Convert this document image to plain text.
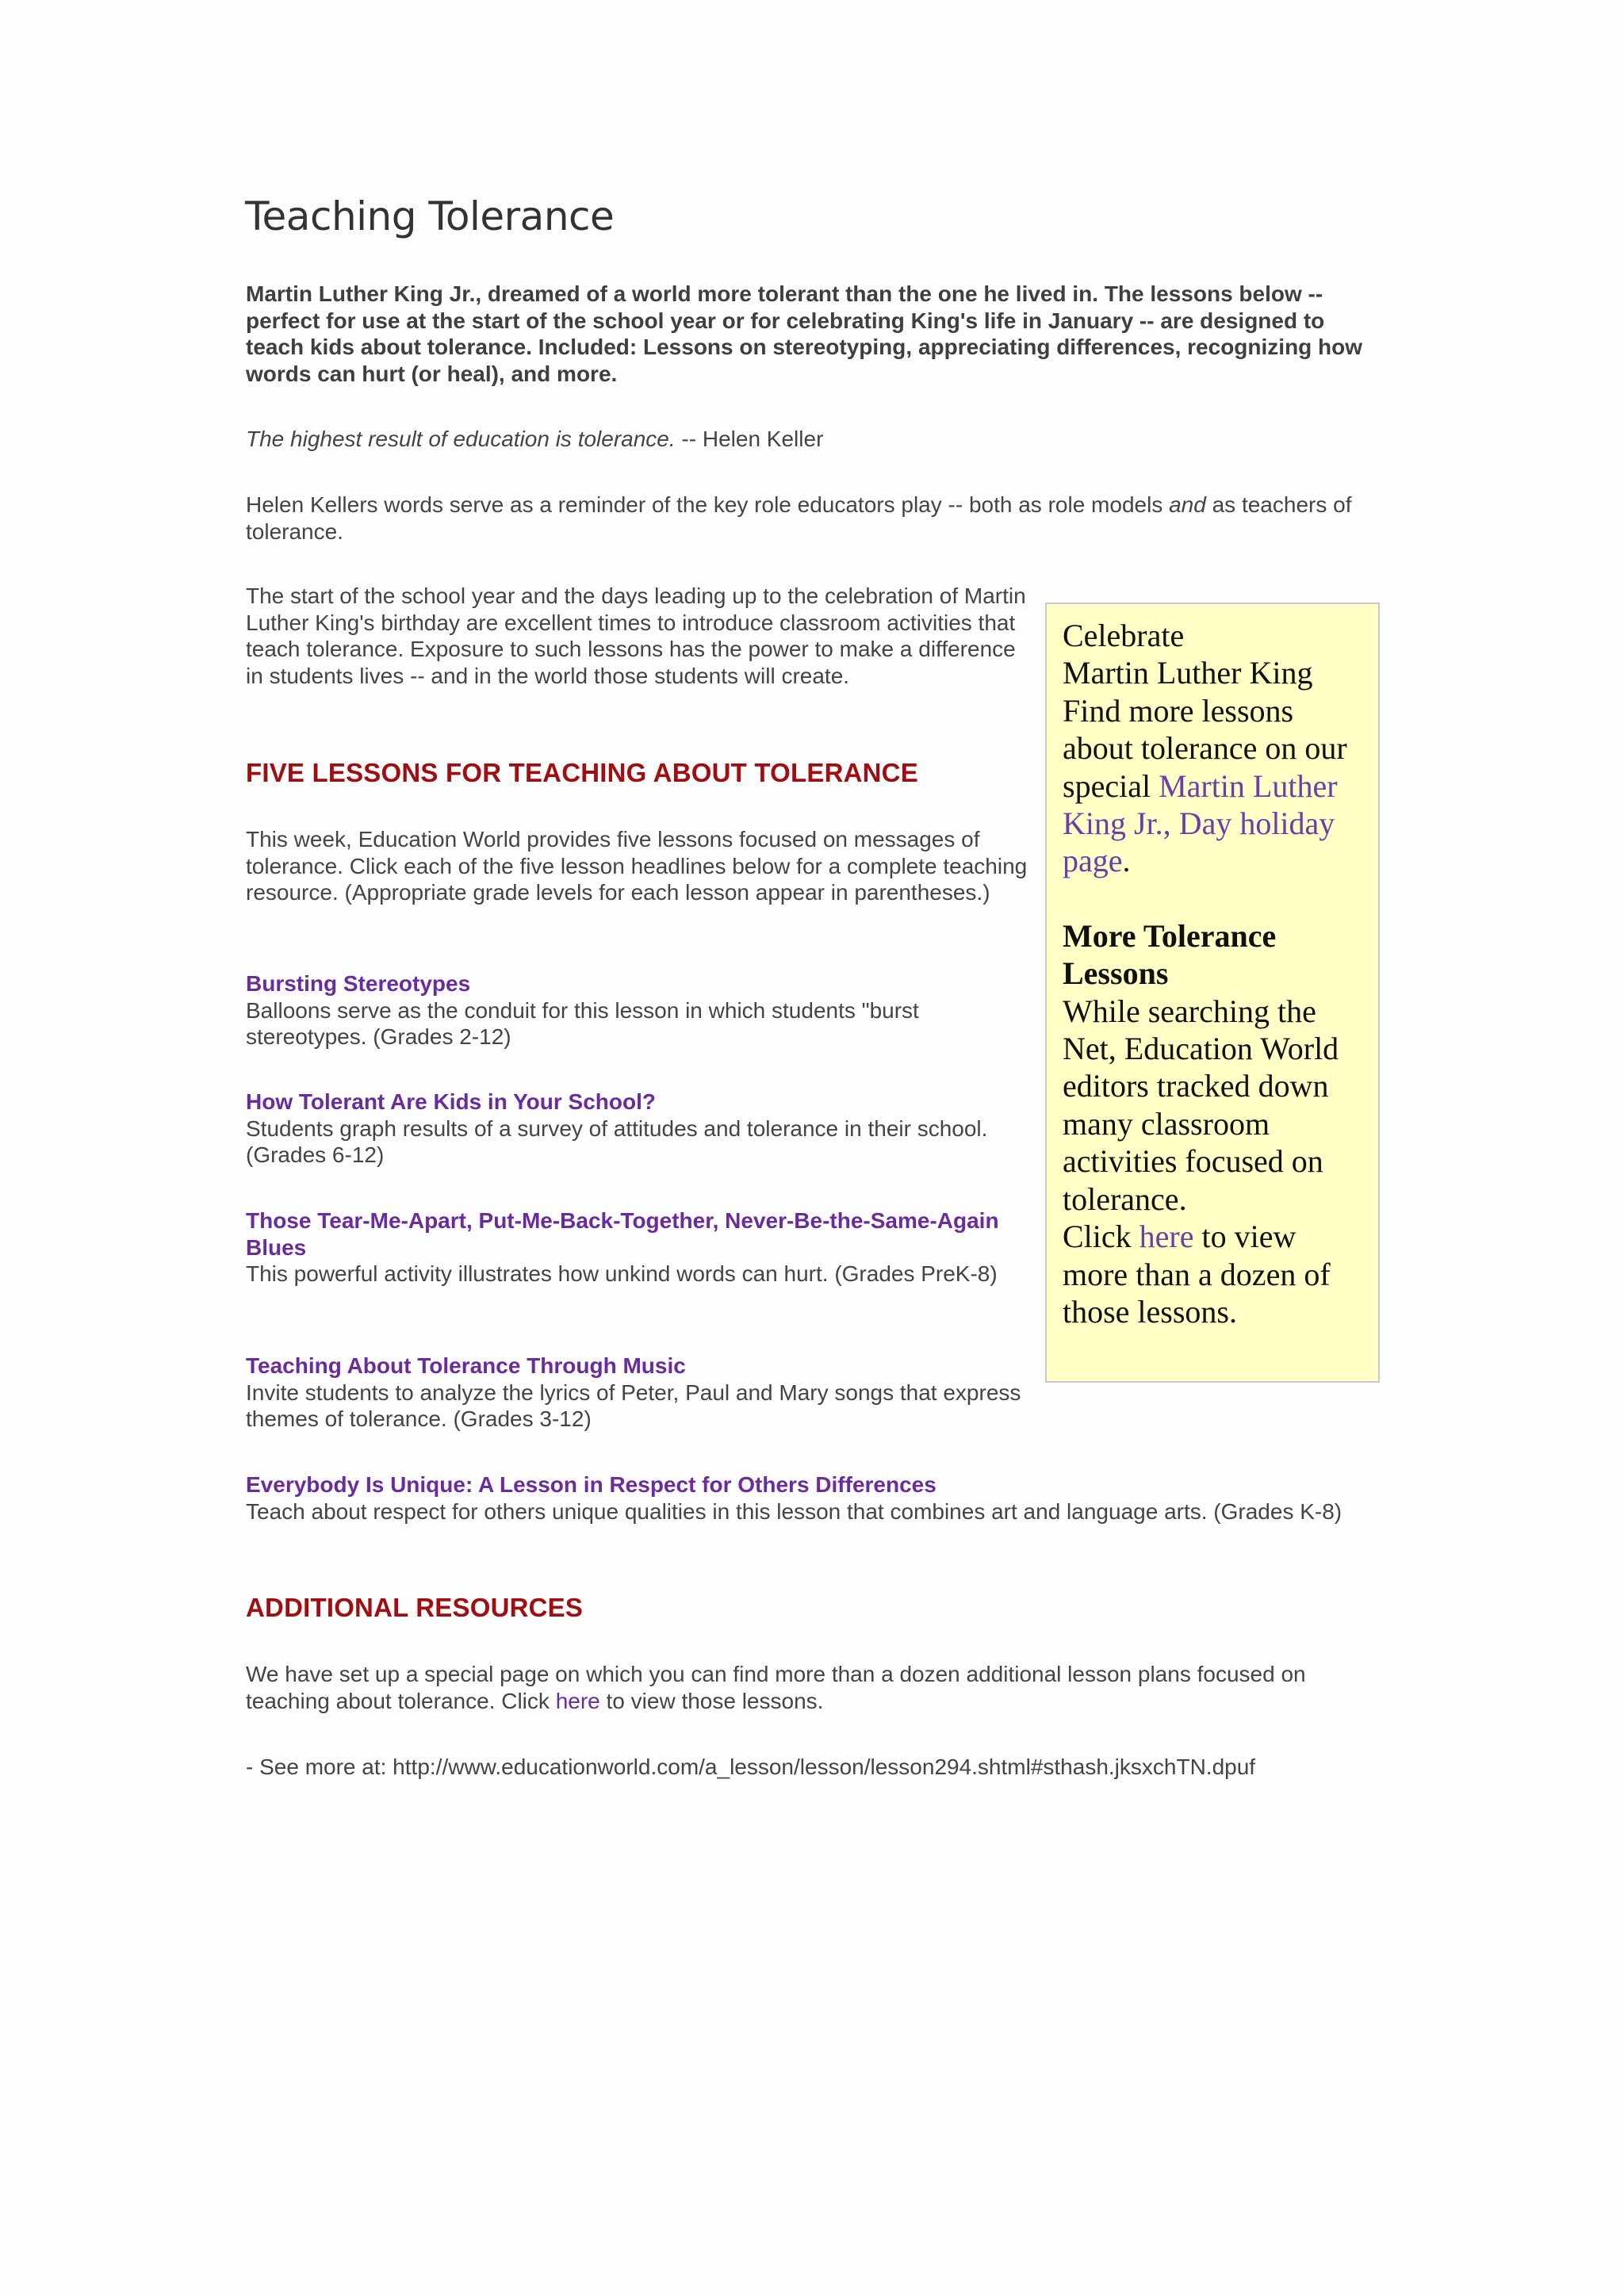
Teaching Tolerance

Martin Luther King Jr., dreamed of a world more tolerant than the one he lived in. The lessons below -- perfect for use at the start of the school year or for celebrating King's life in January -- are designed to teach kids about tolerance. Included: Lessons on stereotyping, appreciating differences, recognizing how words can hurt (or heal), and more.

The highest result of education is tolerance. -- Helen Keller

Helen Kellers words serve as a reminder of the key role educators play -- both as role models and as teachers of tolerance.

The start of the school year and the days leading up to the celebration of Martin Luther King's birthday are excellent times to introduce classroom activities that teach tolerance. Exposure to such lessons has the power to make a difference in students lives -- and in the world those students will create.

FIVE LESSONS FOR TEACHING ABOUT TOLERANCE

This week, Education World provides five lessons focused on messages of tolerance. Click each of the five lesson headlines below for a complete teaching resource. (Appropriate grade levels for each lesson appear in parentheses.)

Bursting Stereotypes
Balloons serve as the conduit for this lesson in which students "burst stereotypes. (Grades 2-12)
How Tolerant Are Kids in Your School?
Students graph results of a survey of attitudes and tolerance in their school. (Grades 6-12)
Those Tear-Me-Apart, Put-Me-Back-Together, Never-Be-the-Same-Again Blues
This powerful activity illustrates how unkind words can hurt. (Grades PreK-8)
Teaching About Tolerance Through Music
Invite students to analyze the lyrics of Peter, Paul and Mary songs that express themes of tolerance. (Grades 3-12)
Everybody Is Unique: A Lesson in Respect for Others Differences
Teach about respect for others unique qualities in this lesson that combines art and language arts. (Grades K-8)
ADDITIONAL RESOURCES

We have set up a special page on which you can find more than a dozen additional lesson plans focused on teaching about tolerance. Click here to view those lessons.

- See more at: http://www.educationworld.com/a_lesson/lesson/lesson294.shtml#sthash.jksxchTN.dpuf

Celebrate
Martin Luther King
Find more lessons about tolerance on our special Martin Luther King Jr., Day holiday page.
More Tolerance Lessons
While searching the Net, Education World editors tracked down many classroom activities focused on tolerance.
Click here to view more than a dozen of those lessons.
